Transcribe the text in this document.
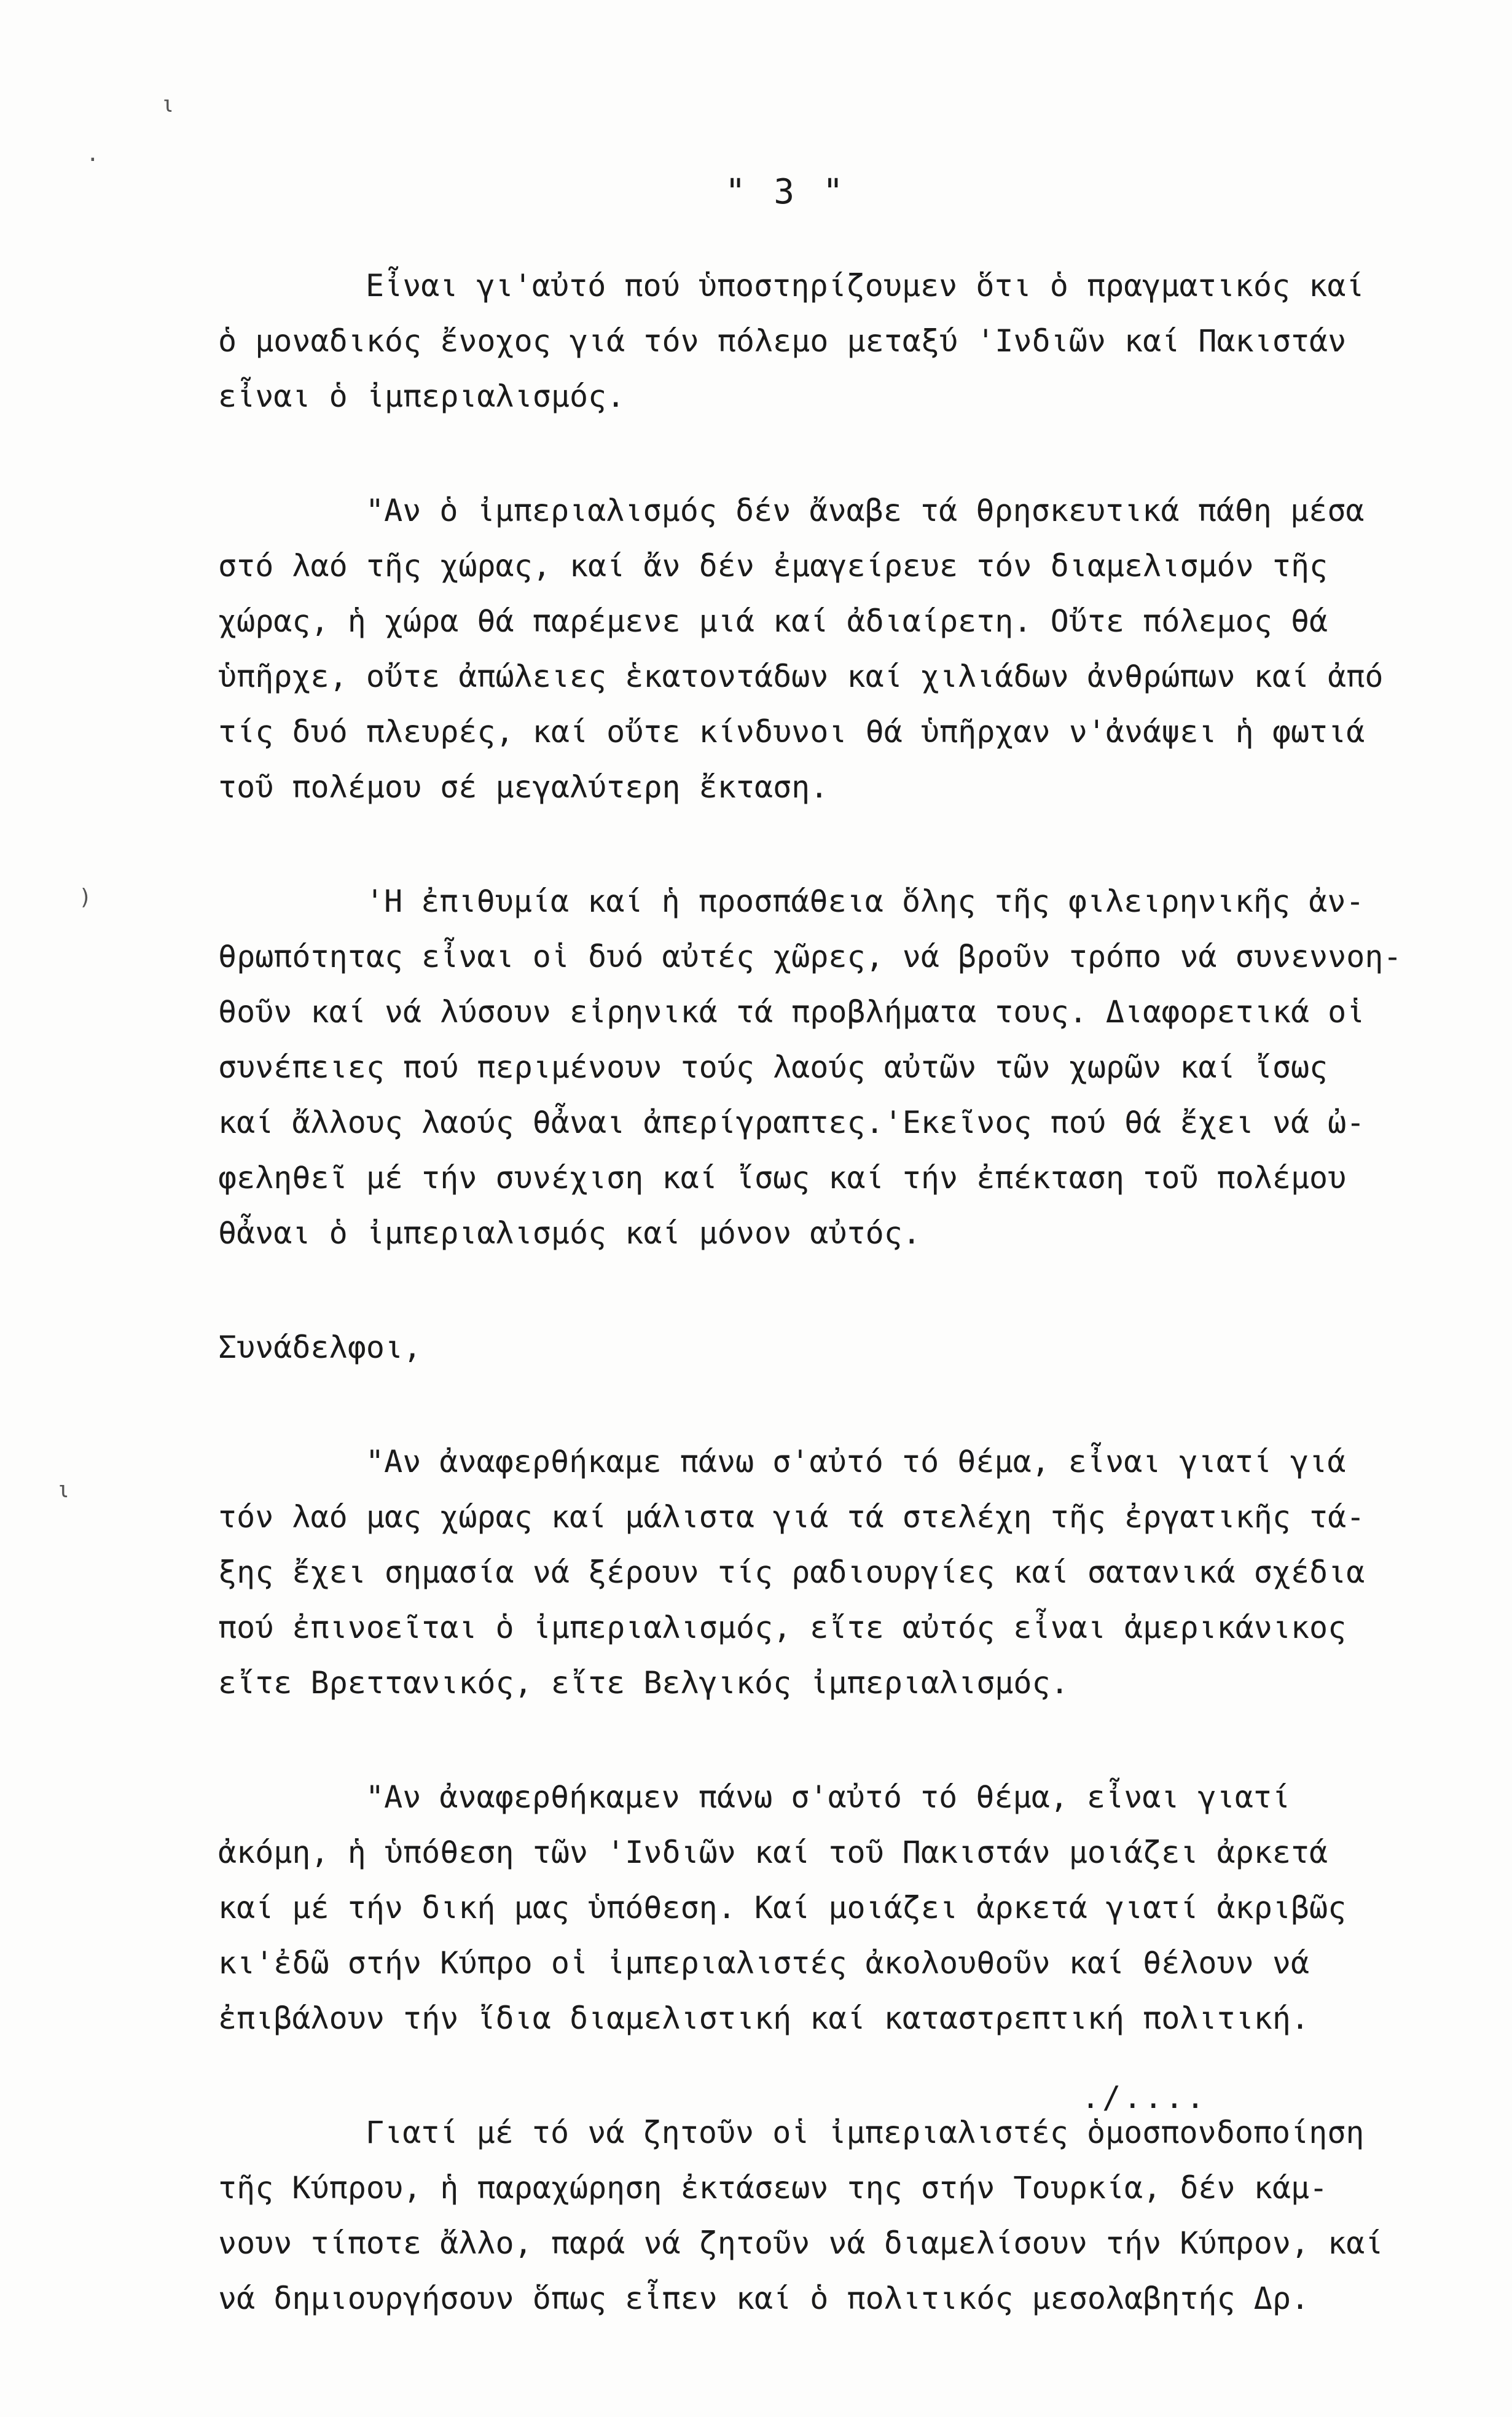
ι
·
)
ι
" 3 "

Εἶναι γι'αὐτό πού ὑποστηρίζουμεν ὅτι ὁ πραγματικός καί
ὁ μοναδικός ἔνοχος γιά τόν πόλεμο μεταξύ 'Ινδιῶν καί Πακιστάν
εἶναι ὁ ἰμπεριαλισμός.

"Αν ὁ ἰμπεριαλισμός δέν ἄναβε τά θρησκευτικά πάθη μέσα
στό λαό τῆς χώρας, καί ἄν δέν ἐμαγείρευε τόν διαμελισμόν τῆς
χώρας, ἡ χώρα θά παρέμενε μιά καί ἀδιαίρετη. Οὔτε πόλεμος θά
ὑπῆρχε, οὔτε ἀπώλειες ἑκατοντάδων καί χιλιάδων ἀνθρώπων καί ἀπό
τίς δυό πλευρές, καί οὔτε κίνδυνοι θά ὑπῆρχαν ν'ἀνάψει ἡ φωτιά
τοῦ πολέμου σέ μεγαλύτερη ἔκταση.

'Η ἐπιθυμία καί ἡ προσπάθεια ὅλης τῆς φιλειρηνικῆς ἀν-
θρωπότητας εἶναι οἱ δυό αὐτές χῶρες, νά βροῦν τρόπο νά συνεννοη-
θοῦν καί νά λύσουν εἰρηνικά τά προβλήματα τους. Διαφορετικά οἱ
συνέπειες πού περιμένουν τούς λαούς αὐτῶν τῶν χωρῶν καί ἴσως
καί ἄλλους λαούς θἆναι ἀπερίγραπτες.'Εκεῖνος πού θά ἔχει νά ὠ-
φεληθεῖ μέ τήν συνέχιση καί ἴσως καί τήν ἐπέκταση τοῦ πολέμου
θἆναι ὁ ἰμπεριαλισμός καί μόνον αὐτός.

Συνάδελφοι,

"Αν ἀναφερθήκαμε πάνω σ'αὐτό τό θέμα, εἶναι γιατί γιά
τόν λαό μας χώρας καί μάλιστα γιά τά στελέχη τῆς ἐργατικῆς τά-
ξης ἔχει σημασία νά ξέρουν τίς ραδιουργίες καί σατανικά σχέδια
πού ἐπινοεῖται ὁ ἰμπεριαλισμός, εἴτε αὐτός εἶναι ἀμερικάνικος
εἴτε Βρεττανικός, εἴτε Βελγικός ἰμπεριαλισμός.

"Αν ἀναφερθήκαμεν πάνω σ'αὐτό τό θέμα, εἶναι γιατί
ἀκόμη, ἡ ὑπόθεση τῶν 'Ινδιῶν καί τοῦ Πακιστάν μοιάζει ἀρκετά
καί μέ τήν δική μας ὑπόθεση. Καί μοιάζει ἀρκετά γιατί ἀκριβῶς
κι'ἐδῶ στήν Κύπρο οἱ ἰμπεριαλιστές ἀκολουθοῦν καί θέλουν νά
ἐπιβάλουν τήν ἴδια διαμελιστική καί καταστρεπτική πολιτική.

Γιατί μέ τό νά ζητοῦν οἱ ἰμπεριαλιστές ὁμοσπονδοποίηση
τῆς Κύπρου, ἡ παραχώρηση ἐκτάσεων της στήν Τουρκία, δέν κάμ-
νουν τίποτε ἄλλο, παρά νά ζητοῦν νά διαμελίσουν τήν Κύπρον, καί
νά δημιουργήσουν ὅπως εἶπεν καί ὁ πολιτικός μεσολαβητής Δρ.

./....
